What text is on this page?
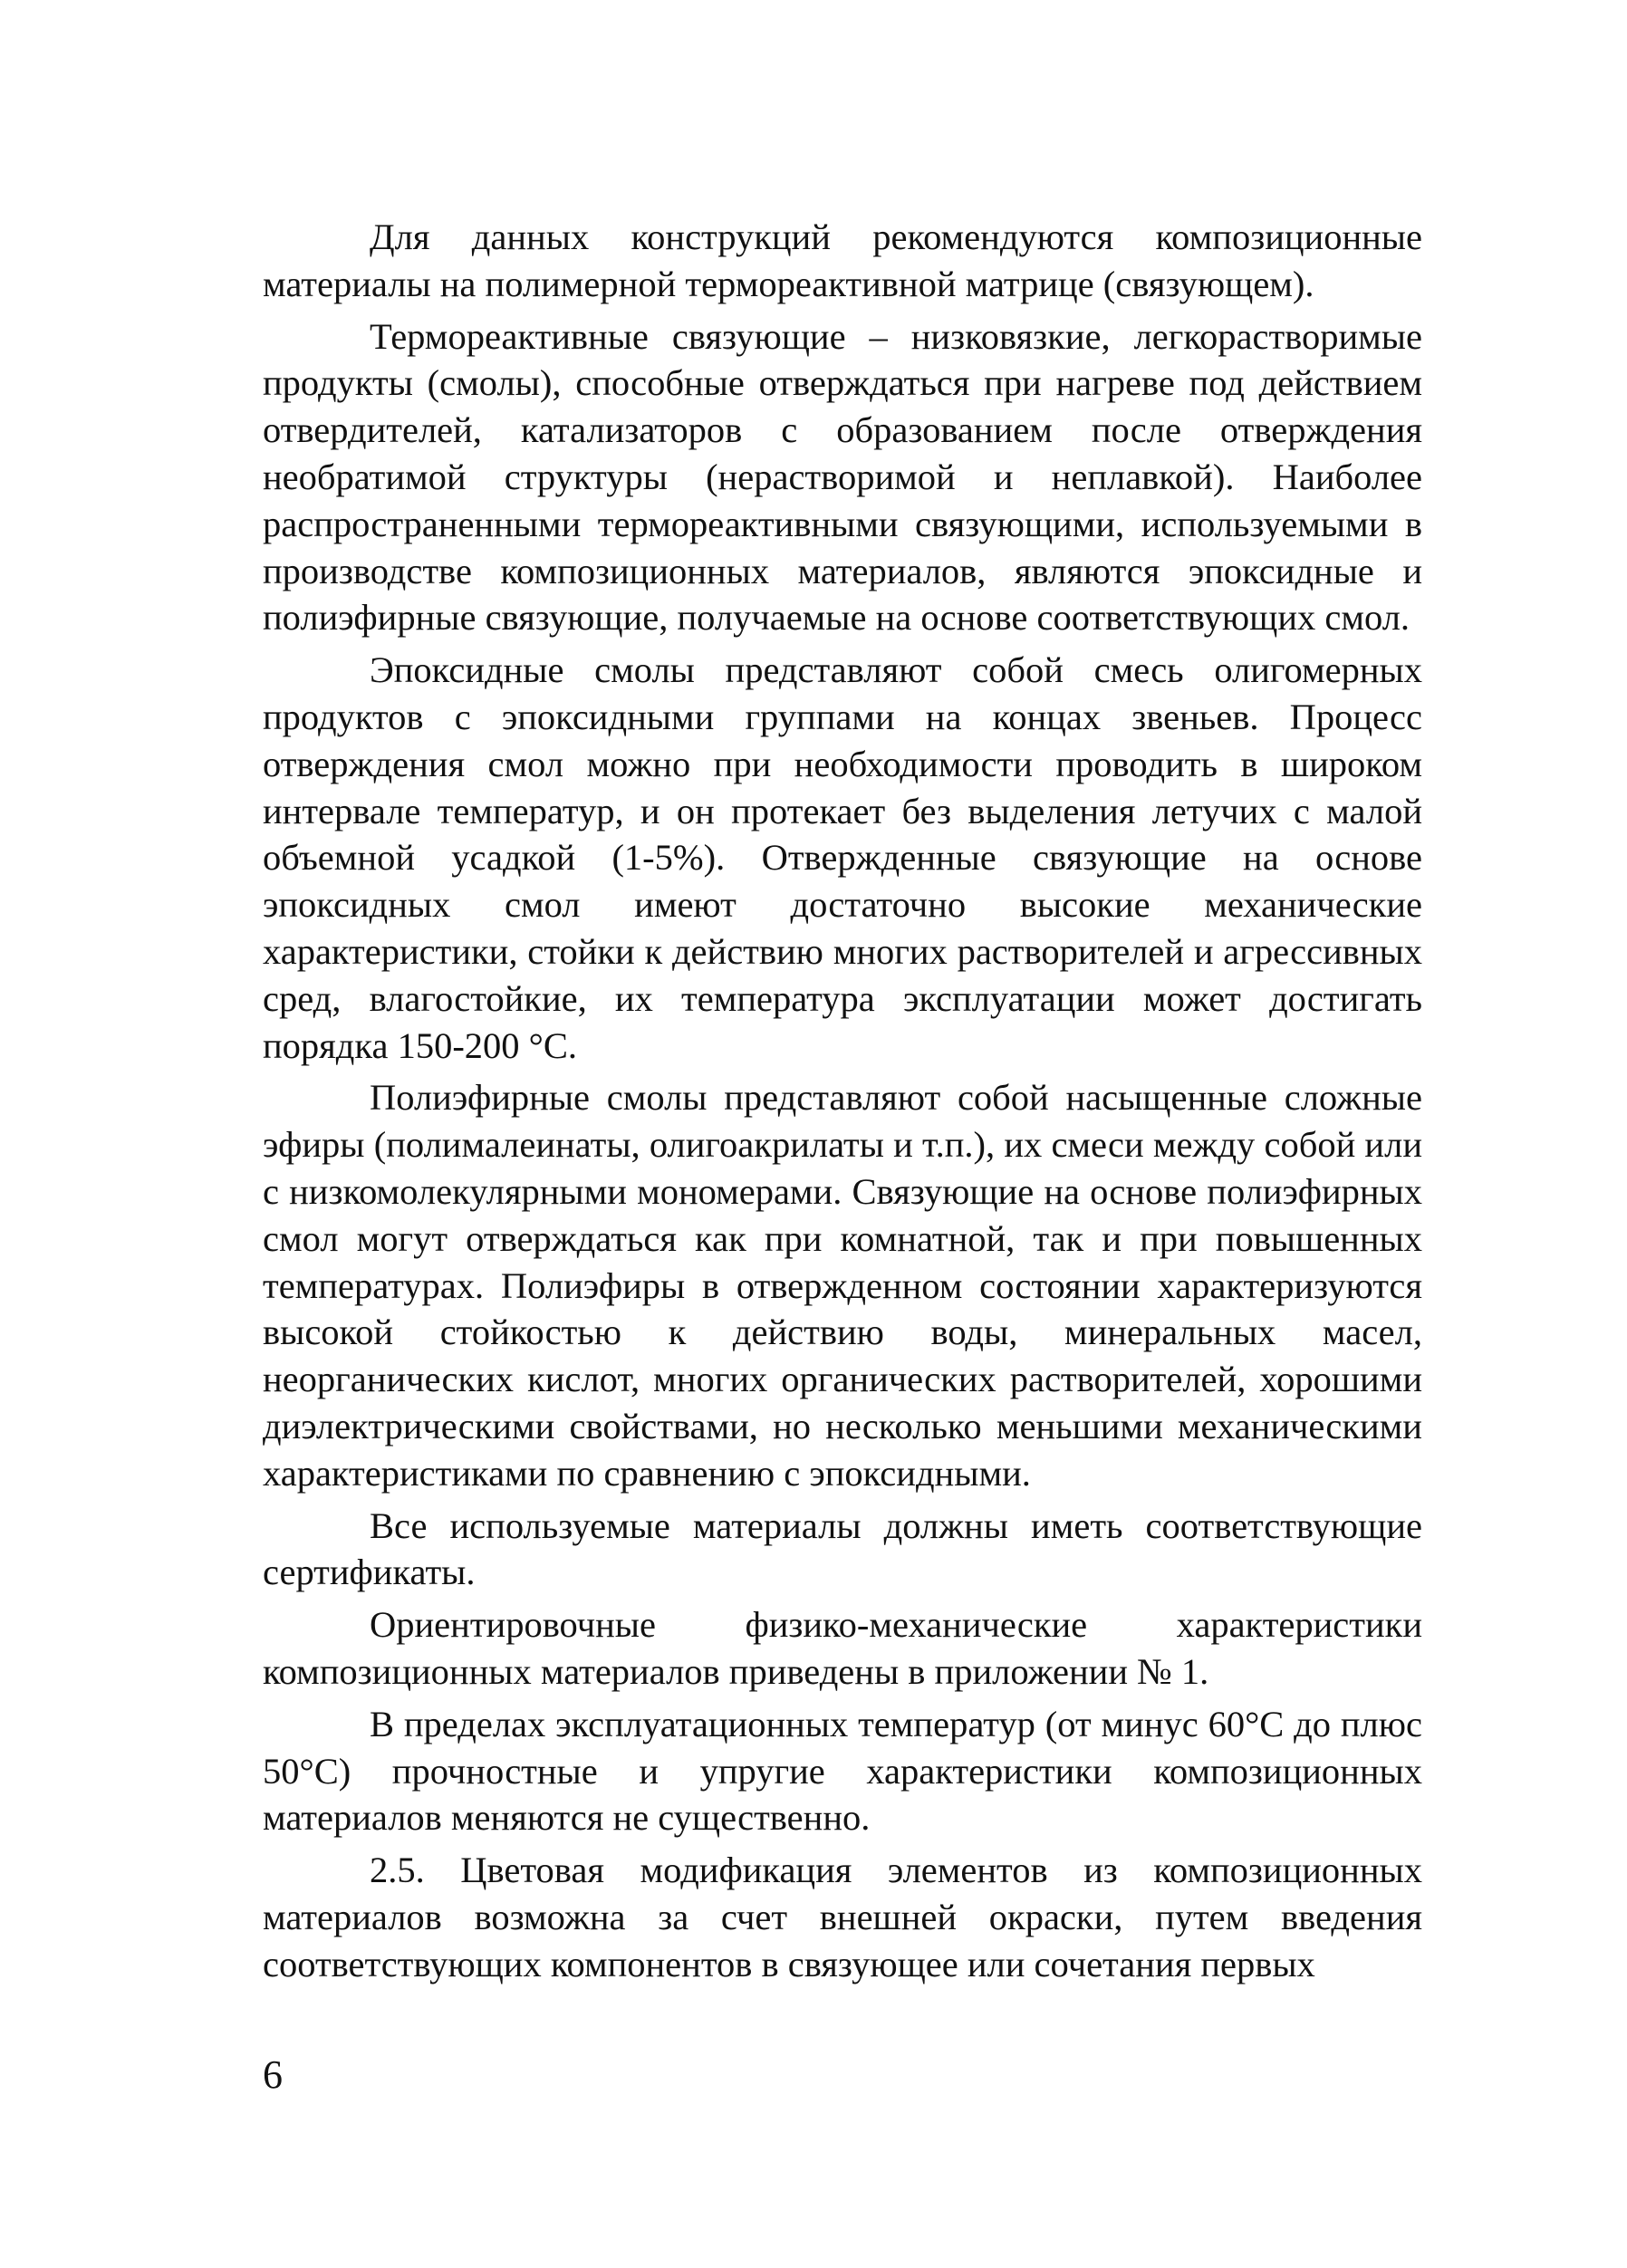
Для данных конструкций рекомендуются композиционные материалы на полимерной термореактивной матрице (связующем).

Термореактивные связующие – низковязкие, легкорастворимые продукты (смолы), способные отверждаться при нагреве под действием отвердителей, катализаторов с образованием после отверждения необратимой структуры (нерастворимой и неплавкой). Наиболее распространенными термореактивными связующими, используемыми в производстве композиционных материалов, являются эпоксидные и полиэфирные связующие, получаемые на основе соответствующих смол.

Эпоксидные смолы представляют собой смесь олигомерных продуктов с эпоксидными группами на концах звеньев. Процесс отверждения смол можно при необходимости проводить в широком интервале температур, и он протекает без выделения летучих с малой объемной усадкой (1-5%). Отвержденные связующие на основе эпоксидных смол имеют достаточно высокие механические характеристики, стойки к действию многих растворителей и агрессивных сред, влагостойкие, их температура эксплуатации может достигать порядка 150-200 °С.

Полиэфирные смолы представляют собой насыщенные сложные эфиры (полималеинаты, олигоакрилаты и т.п.), их смеси между собой или с низкомолекулярными мономерами. Связующие на основе полиэфирных смол могут отверждаться как при комнатной, так и при повышенных температурах. Полиэфиры в отвержденном состоянии характеризуются высокой стойкостью к действию воды, минеральных масел, неорганических кислот, многих органических растворителей, хорошими диэлектрическими свойствами, но несколько меньшими механическими характеристиками по сравнению с эпоксидными.

Все используемые материалы должны иметь соответствующие сертификаты.

Ориентировочные физико-механические характеристики композиционных материалов приведены в приложении № 1.

В пределах эксплуатационных температур (от минус 60°С до плюс 50°С) прочностные и упругие характеристики композиционных материалов меняются не существенно.

2.5. Цветовая модификация элементов из композиционных материалов возможна за счет внешней окраски, путем введения соответствующих компонентов в связующее или сочетания первых

6
